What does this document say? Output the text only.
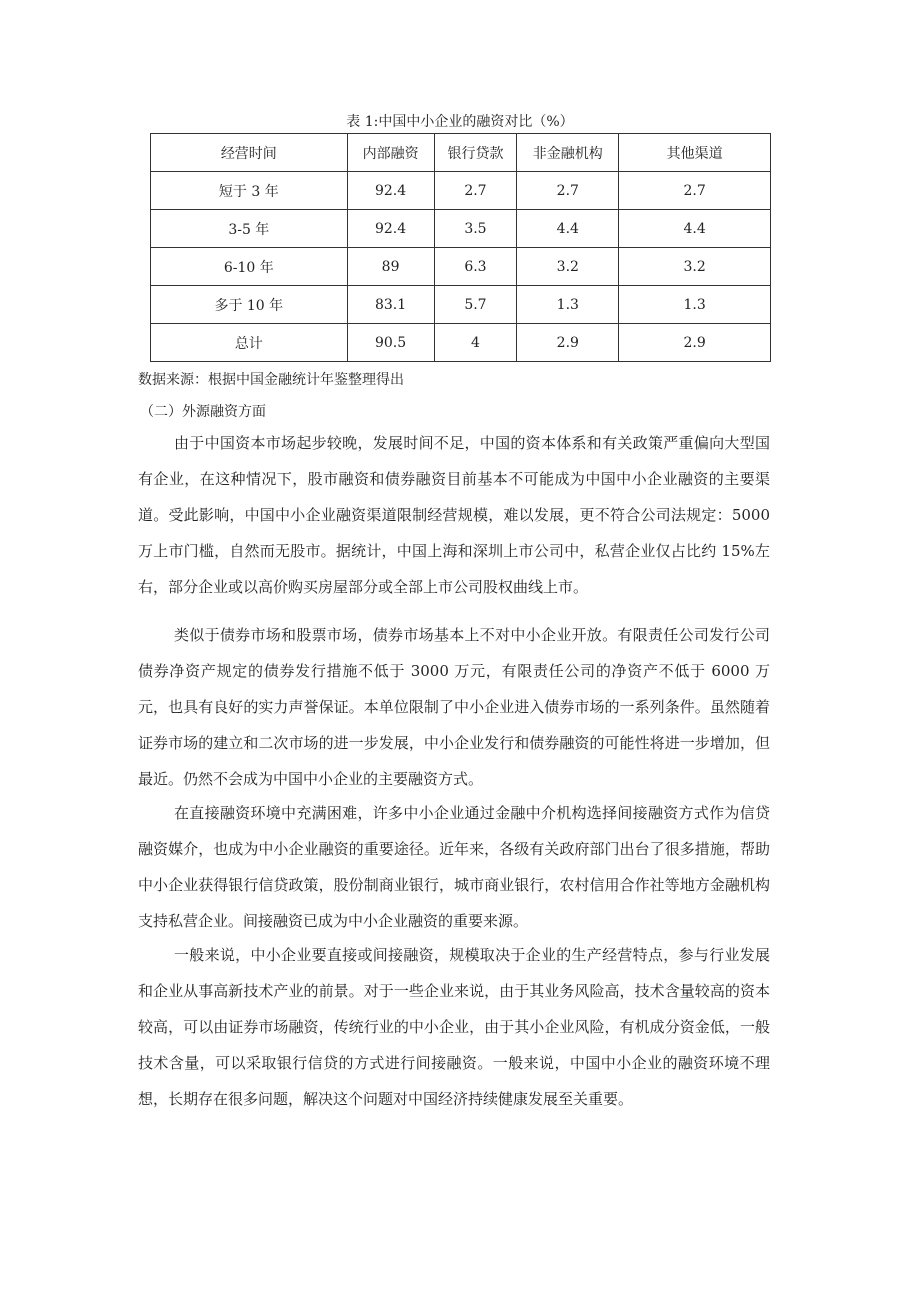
表 1:中国中小企业的融资对比（%）
经营时间	内部融资	银行贷款	非金融机构	其他渠道
短于 3 年	92.4	2.7	2.7	2.7
3-5 年	92.4	3.5	4.4	4.4
6-10 年	89	6.3	3.2	3.2
多于 10 年	83.1	5.7	1.3	1.3
总计	90.5	4	2.9	2.9
数据来源：根据中国金融统计年鉴整理得出
（二）外源融资方面

由于中国资本市场起步较晚，发展时间不足，中国的资本体系和有关政策严重偏向大型国有企业，在这种情况下，股市融资和债券融资目前基本不可能成为中国中小企业融资的主要渠道。受此影响，中国中小企业融资渠道限制经营规模，难以发展，更不符合公司法规定：5000 万上市门槛，自然而无股市。据统计，中国上海和深圳上市公司中，私营企业仅占比约 15%左右，部分企业或以高价购买房屋部分或全部上市公司股权曲线上市。

类似于债券市场和股票市场，债券市场基本上不对中小企业开放。有限责任公司发行公司债券净资产规定的债券发行措施不低于 3000 万元，有限责任公司的净资产不低于 6000 万元，也具有良好的实力声誉保证。本单位限制了中小企业进入债券市场的一系列条件。虽然随着证券市场的建立和二次市场的进一步发展，中小企业发行和债券融资的可能性将进一步增加，但最近。仍然不会成为中国中小企业的主要融资方式。

在直接融资环境中充满困难，许多中小企业通过金融中介机构选择间接融资方式作为信贷融资媒介，也成为中小企业融资的重要途径。近年来，各级有关政府部门出台了很多措施，帮助中小企业获得银行信贷政策，股份制商业银行，城市商业银行，农村信用合作社等地方金融机构支持私营企业。间接融资已成为中小企业融资的重要来源。

一般来说，中小企业要直接或间接融资，规模取决于企业的生产经营特点，参与行业发展和企业从事高新技术产业的前景。对于一些企业来说，由于其业务风险高，技术含量较高的资本较高，可以由证券市场融资，传统行业的中小企业，由于其小企业风险，有机成分资金低，一般技术含量，可以采取银行信贷的方式进行间接融资。一般来说，中国中小企业的融资环境不理想，长期存在很多问题，解决这个问题对中国经济持续健康发展至关重要。
